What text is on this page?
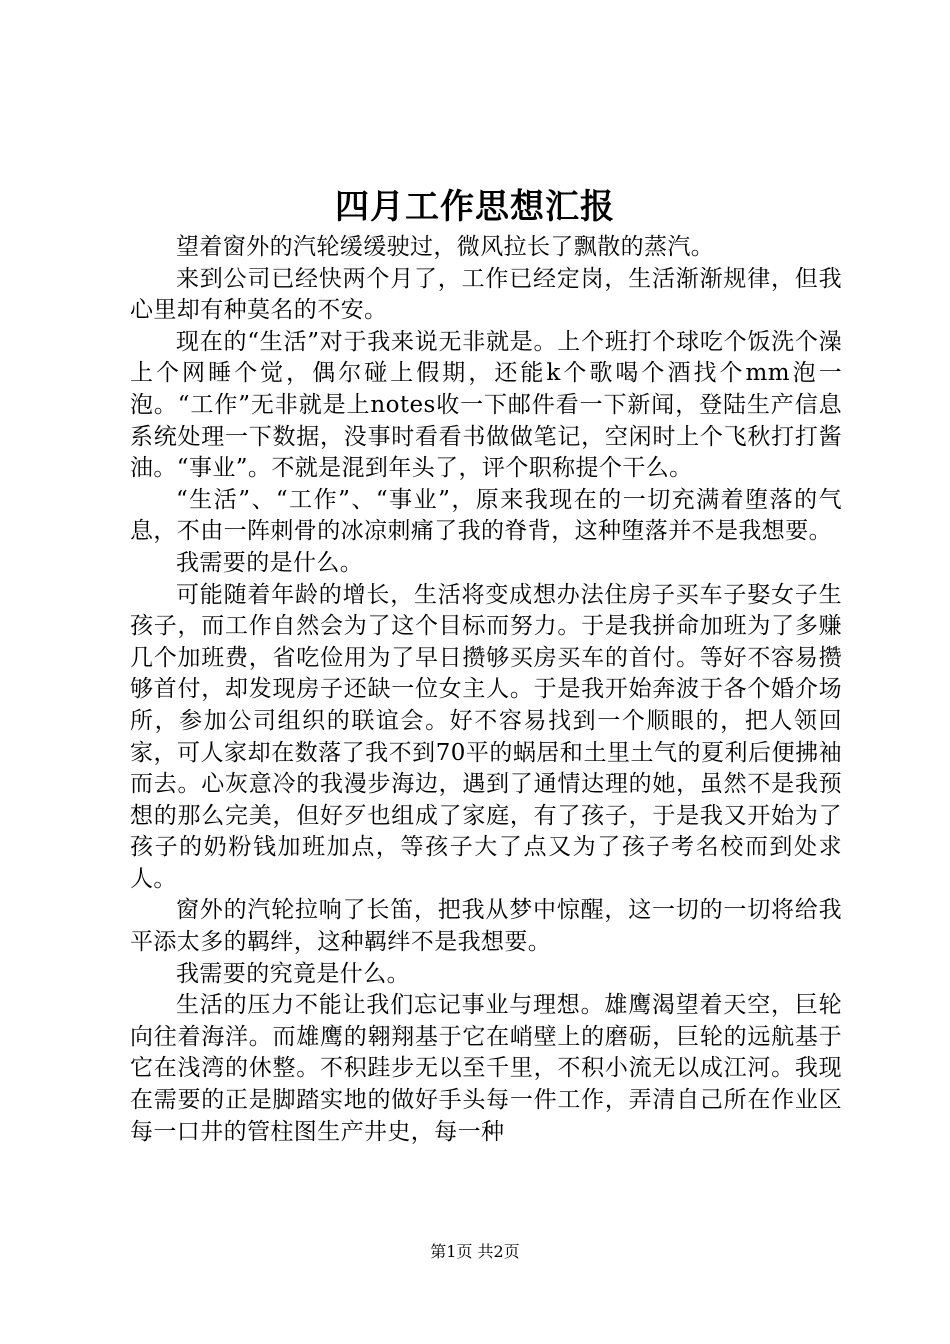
四月工作思想汇报

望着窗外的汽轮缓缓驶过，微风拉长了飘散的蒸汽。

来到公司已经快两个月了，工作已经定岗，生活渐渐规律，但我心里却有种莫名的不安。

现在的“生活”对于我来说无非就是。上个班打个球吃个饭洗个澡上个网睡个觉，偶尔碰上假期，还能k个歌喝个酒找个mm泡一泡。“工作”无非就是上notes收一下邮件看一下新闻，登陆生产信息系统处理一下数据，没事时看看书做做笔记，空闲时上个飞秋打打酱油。“事业”。不就是混到年头了，评个职称提个干么。

“生活”、“工作”、“事业”，原来我现在的一切充满着堕落的气息，不由一阵刺骨的冰凉刺痛了我的脊背，这种堕落并不是我想要。

我需要的是什么。

可能随着年龄的增长，生活将变成想办法住房子买车子娶女子生孩子，而工作自然会为了这个目标而努力。于是我拼命加班为了多赚几个加班费，省吃俭用为了早日攒够买房买车的首付。等好不容易攒够首付，却发现房子还缺一位女主人。于是我开始奔波于各个婚介场所，参加公司组织的联谊会。好不容易找到一个顺眼的，把人领回家，可人家却在数落了我不到70平的蜗居和土里土气的夏利后便拂袖而去。心灰意冷的我漫步海边，遇到了通情达理的她，虽然不是我预想的那么完美，但好歹也组成了家庭，有了孩子，于是我又开始为了孩子的奶粉钱加班加点，等孩子大了点又为了孩子考名校而到处求人。

窗外的汽轮拉响了长笛，把我从梦中惊醒，这一切的一切将给我平添太多的羁绊，这种羁绊不是我想要。

我需要的究竟是什么。

生活的压力不能让我们忘记事业与理想。雄鹰渴望着天空，巨轮向往着海洋。而雄鹰的翱翔基于它在峭壁上的磨砺，巨轮的远航基于它在浅湾的休整。不积跬步无以至千里，不积小流无以成江河。我现在需要的正是脚踏实地的做好手头每一件工作，弄清自己所在作业区每一口井的管柱图生产井史，每一种

第1页 共2页
